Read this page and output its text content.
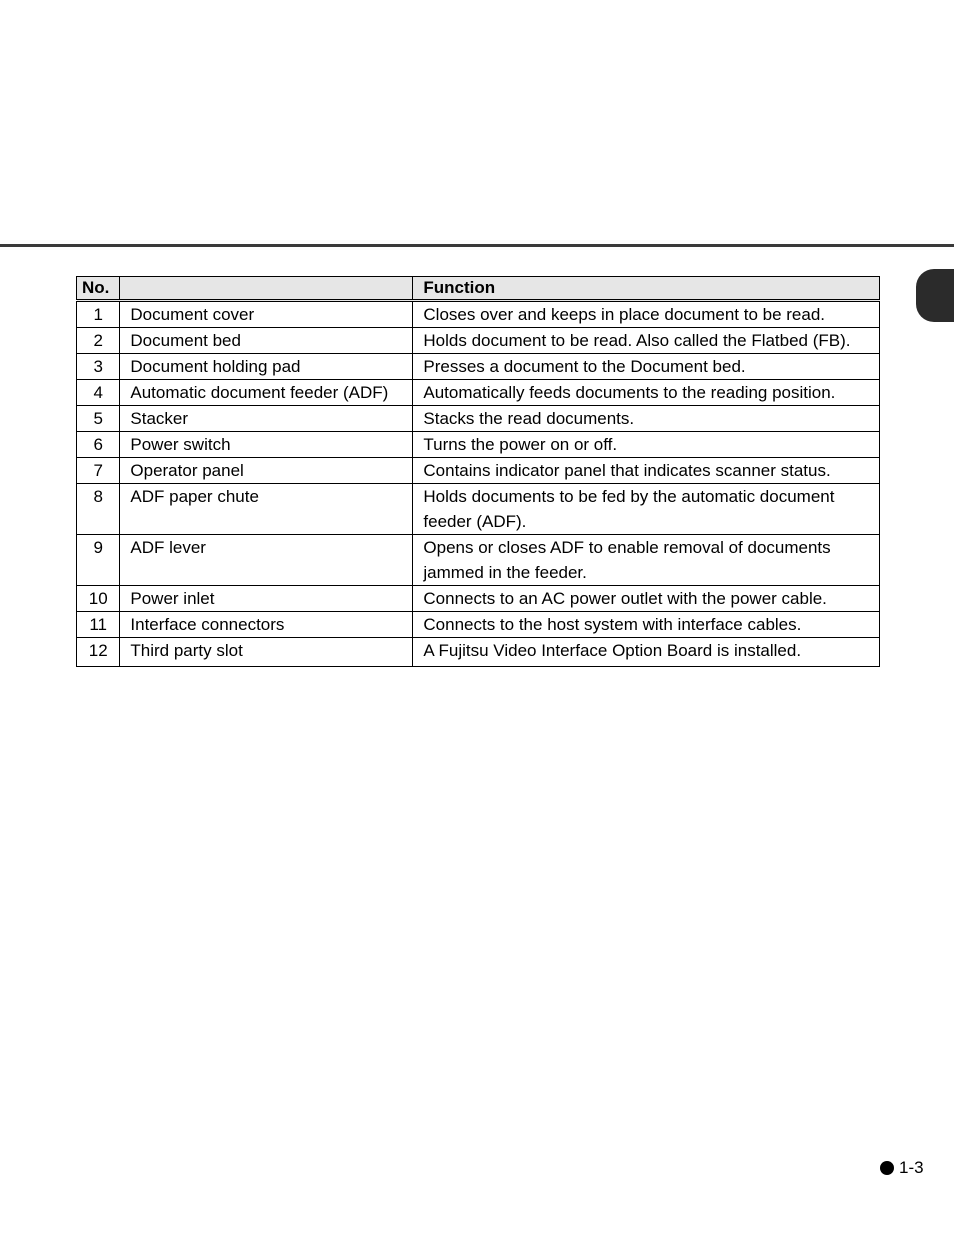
No.		Function
1	Document cover	Closes over and keeps in place document to be read.
2	Document bed	Holds document to be read. Also called the Flatbed (FB).
3	Document holding pad	Presses a document to the Document bed.
4	Automatic document feeder (ADF)	Automatically feeds documents to the reading position.
5	Stacker	Stacks the read documents.
6	Power switch	Turns the power on or off.
7	Operator panel	Contains indicator panel that indicates scanner status.
8	ADF paper chute	Holds documents to be fed by the automatic document feeder (ADF).
9	ADF lever	Opens or closes ADF to enable removal of documents jammed in the feeder.
10	Power inlet	Connects to an AC power outlet with the power cable.
11	Interface connectors	Connects to the host system with interface cables.
12	Third party slot	A Fujitsu Video Interface Option Board is installed.
1-3
